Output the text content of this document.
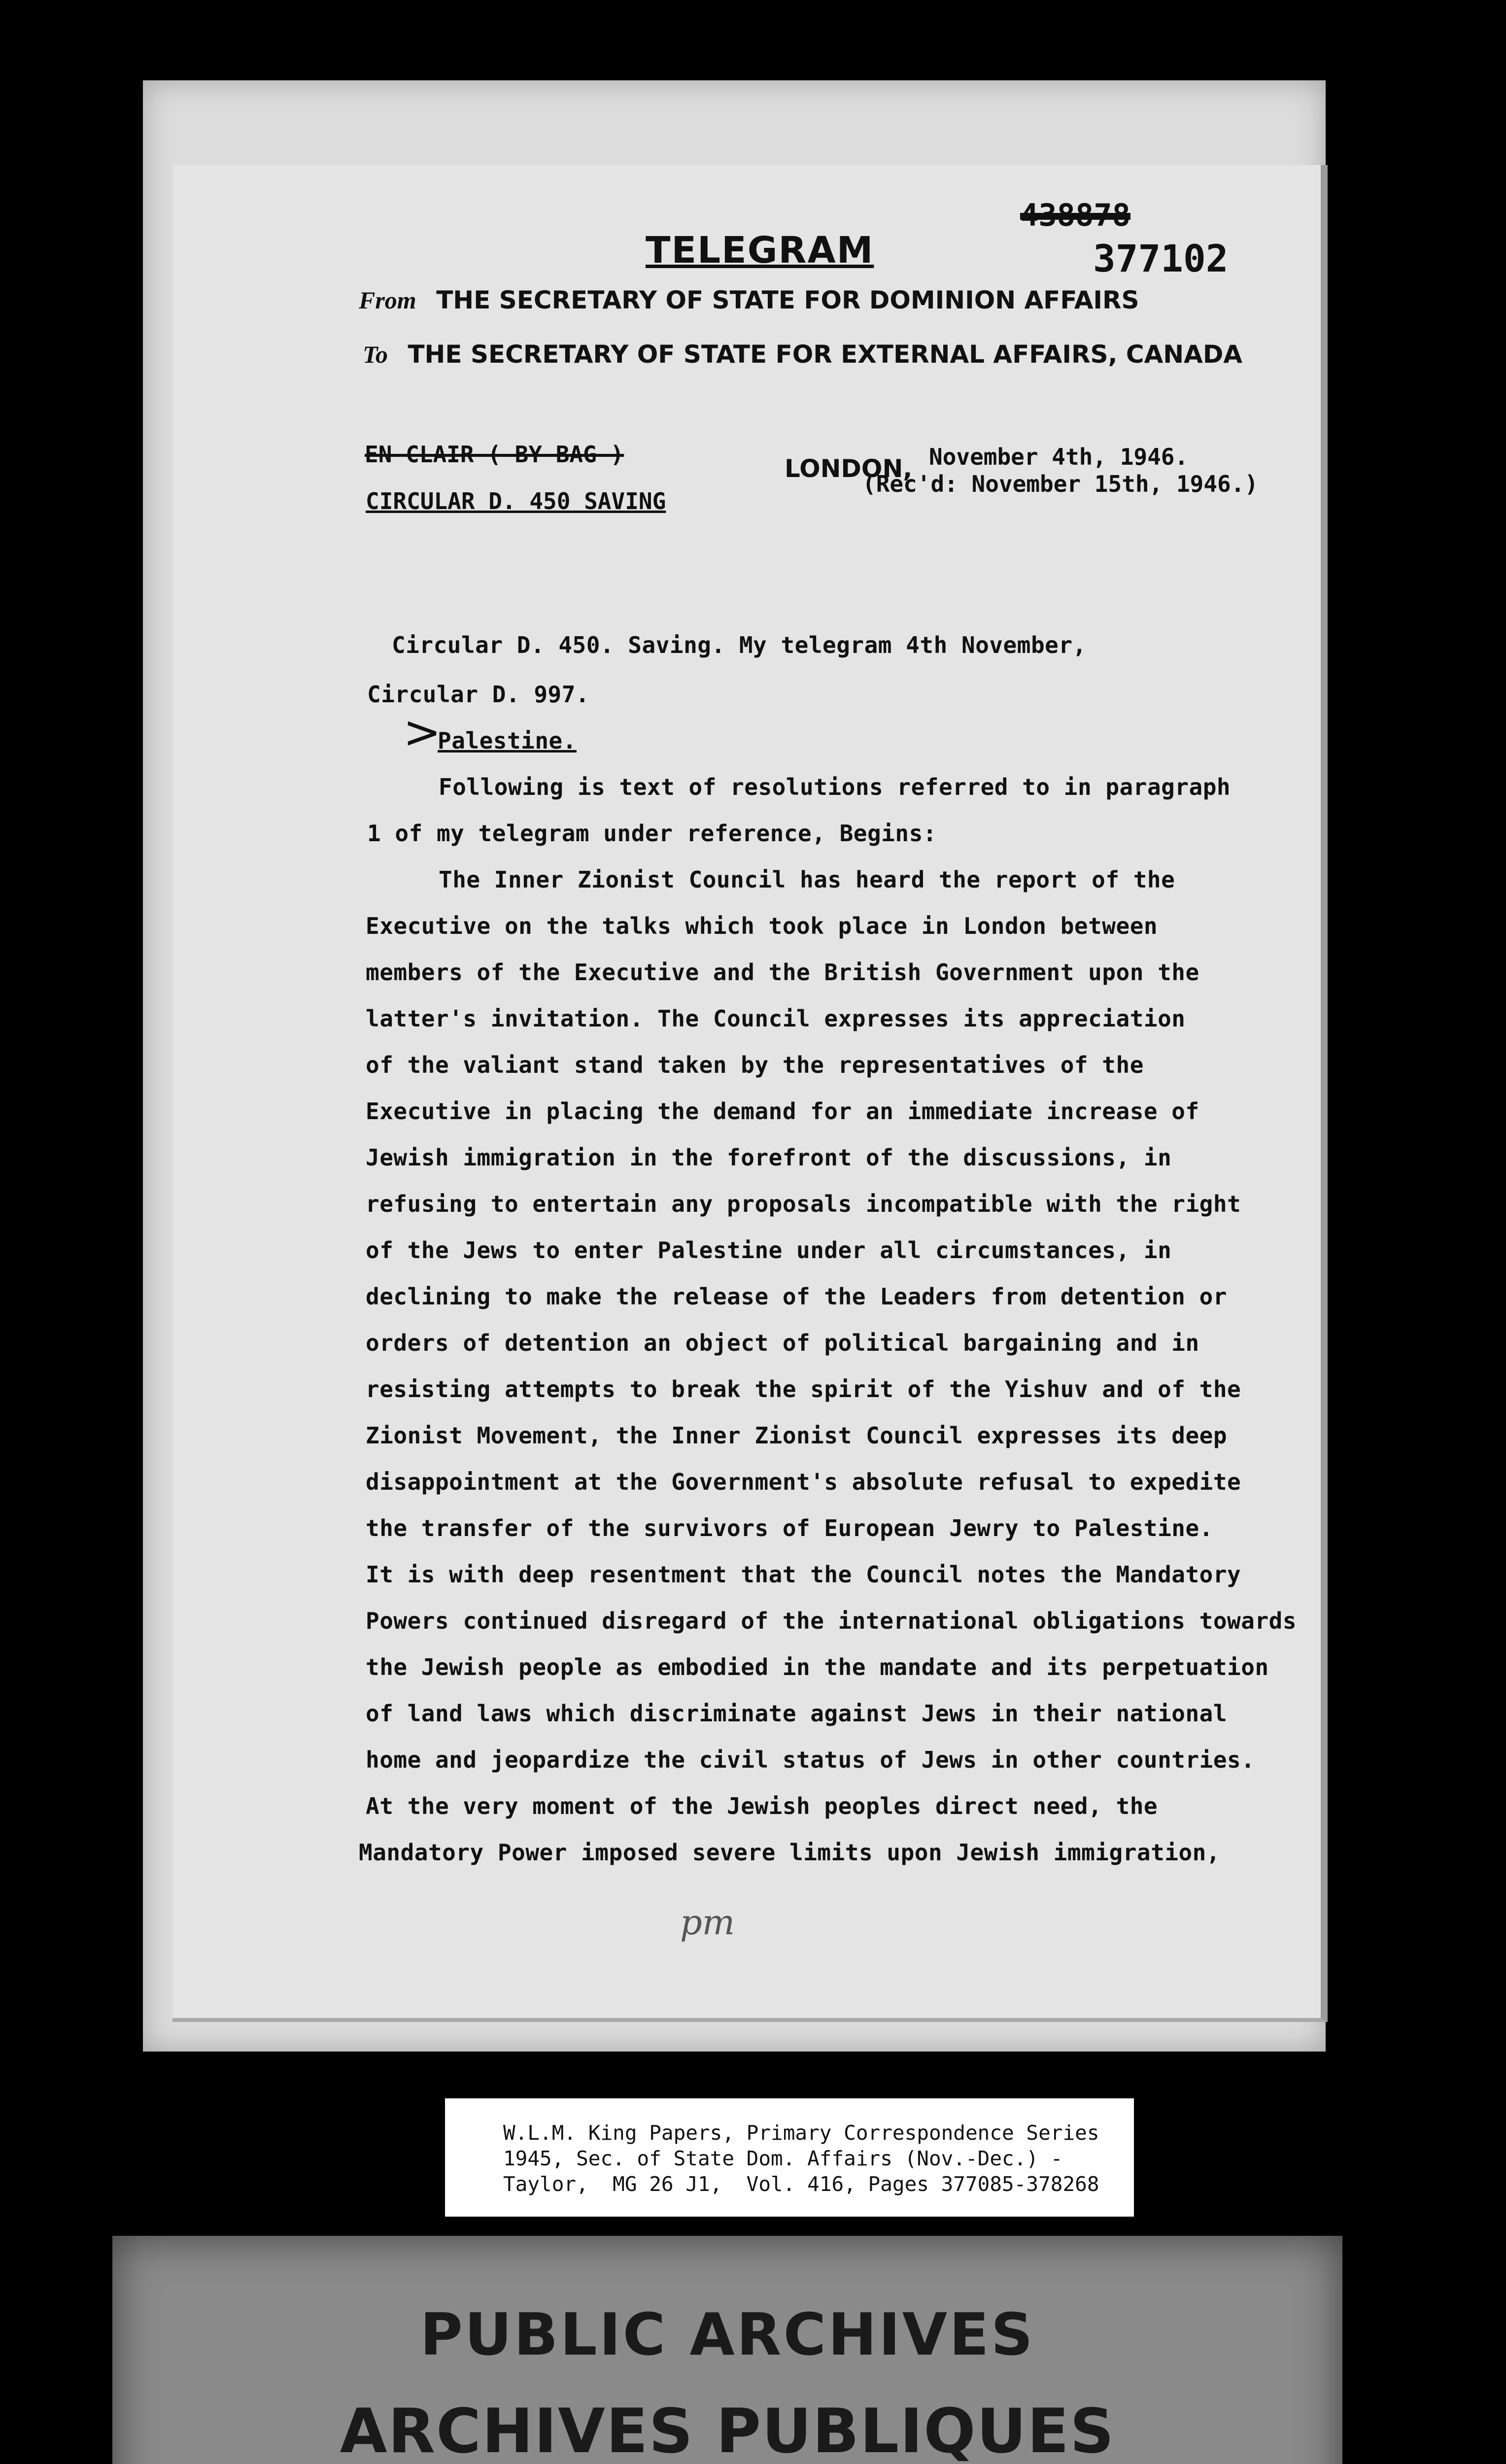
438878
377102
TELEGRAM
From THE SECRETARY OF STATE FOR DOMINION AFFAIRS
To THE SECRETARY OF STATE FOR EXTERNAL AFFAIRS, CANADA
EN CLAIR ( BY BAG )
CIRCULAR D. 450 SAVING
LONDON, November 4th, 1946.
(Rec'd: November 15th, 1946.)
>
Circular D. 450. Saving. My telegram 4th November,
Circular D. 997.
Palestine.
Following is text of resolutions referred to in paragraph
1 of my telegram under reference, Begins:
The Inner Zionist Council has heard the report of the
Executive on the talks which took place in London between
members of the Executive and the British Government upon the
latter's invitation. The Council expresses its appreciation
of the valiant stand taken by the representatives of the
Executive in placing the demand for an immediate increase of
Jewish immigration in the forefront of the discussions, in
refusing to entertain any proposals incompatible with the right
of the Jews to enter Palestine under all circumstances, in
declining to make the release of the Leaders from detention or
orders of detention an object of political bargaining and in
resisting attempts to break the spirit of the Yishuv and of the
Zionist Movement, the Inner Zionist Council expresses its deep
disappointment at the Government's absolute refusal to expedite
the transfer of the survivors of European Jewry to Palestine.
It is with deep resentment that the Council notes the Mandatory
Powers continued disregard of the international obligations towards
the Jewish people as embodied in the mandate and its perpetuation
of land laws which discriminate against Jews in their national
home and jeopardize the civil status of Jews in other countries.
At the very moment of the Jewish peoples direct need, the
Mandatory Power imposed severe limits upon Jewish immigration,
pm
W.L.M. King Papers, Primary Correspondence Series
1945, Sec. of State Dom. Affairs (Nov.-Dec.) -
Taylor,  MG 26 J1,  Vol. 416, Pages 377085-378268
PUBLIC ARCHIVES
ARCHIVES PUBLIQUES
